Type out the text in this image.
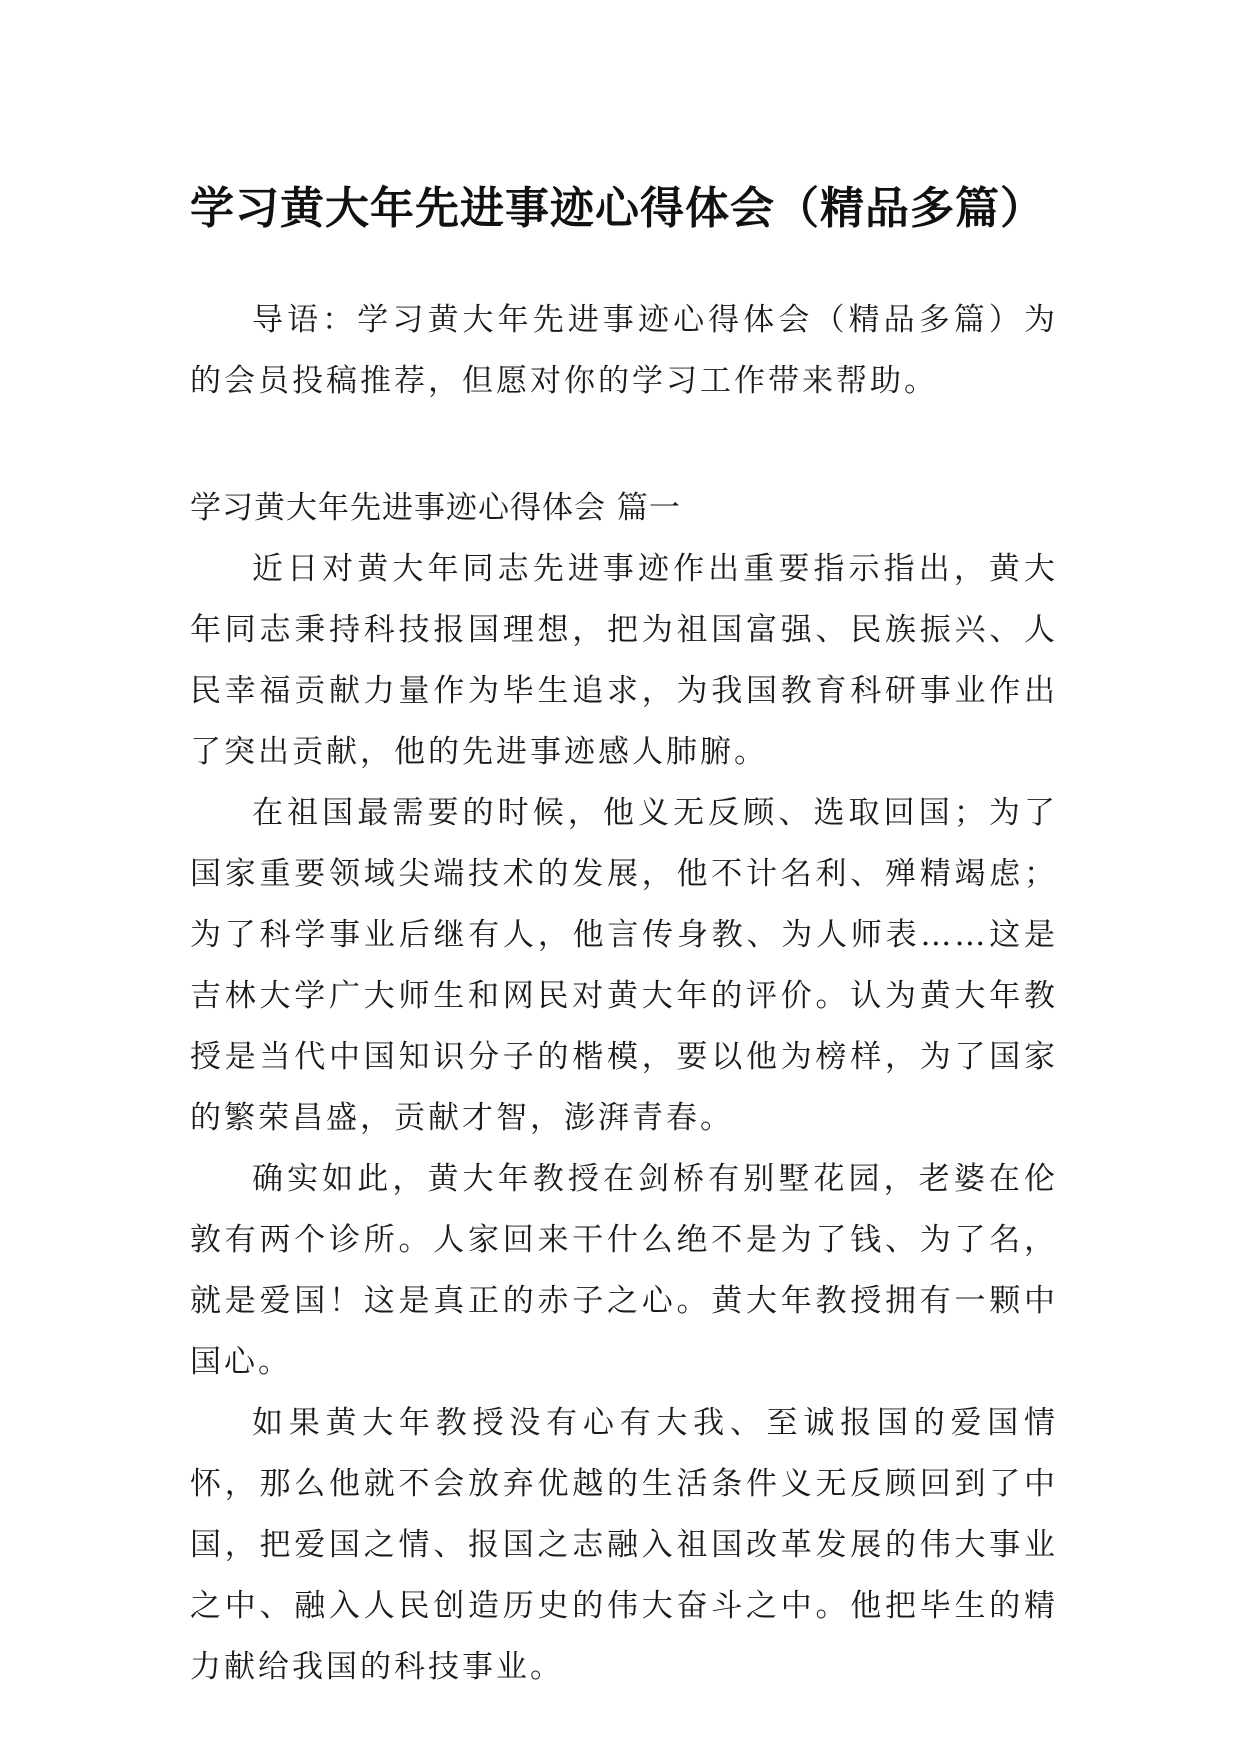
学习黄大年先进事迹心得体会（精品多篇）

导语：学习黄大年先进事迹心得体会（精品多篇）为的会员投稿推荐，但愿对你的学习工作带来帮助。

学习黄大年先进事迹心得体会 篇一

近日对黄大年同志先进事迹作出重要指示指出，黄大年同志秉持科技报国理想，把为祖国富强、民族振兴、人民幸福贡献力量作为毕生追求，为我国教育科研事业作出了突出贡献，他的先进事迹感人肺腑。

在祖国最需要的时候，他义无反顾、选取回国；为了国家重要领域尖端技术的发展，他不计名利、殚精竭虑；为了科学事业后继有人，他言传身教、为人师表……这是吉林大学广大师生和网民对黄大年的评价。认为黄大年教授是当代中国知识分子的楷模，要以他为榜样，为了国家的繁荣昌盛，贡献才智，澎湃青春。

确实如此，黄大年教授在剑桥有别墅花园，老婆在伦敦有两个诊所。人家回来干什么绝不是为了钱、为了名，就是爱国！这是真正的赤子之心。黄大年教授拥有一颗中国心。

如果黄大年教授没有心有大我、至诚报国的爱国情怀，那么他就不会放弃优越的生活条件义无反顾回到了中国，把爱国之情、报国之志融入祖国改革发展的伟大事业之中、融入人民创造历史的伟大奋斗之中。他把毕生的精力献给我国的科技事业。
